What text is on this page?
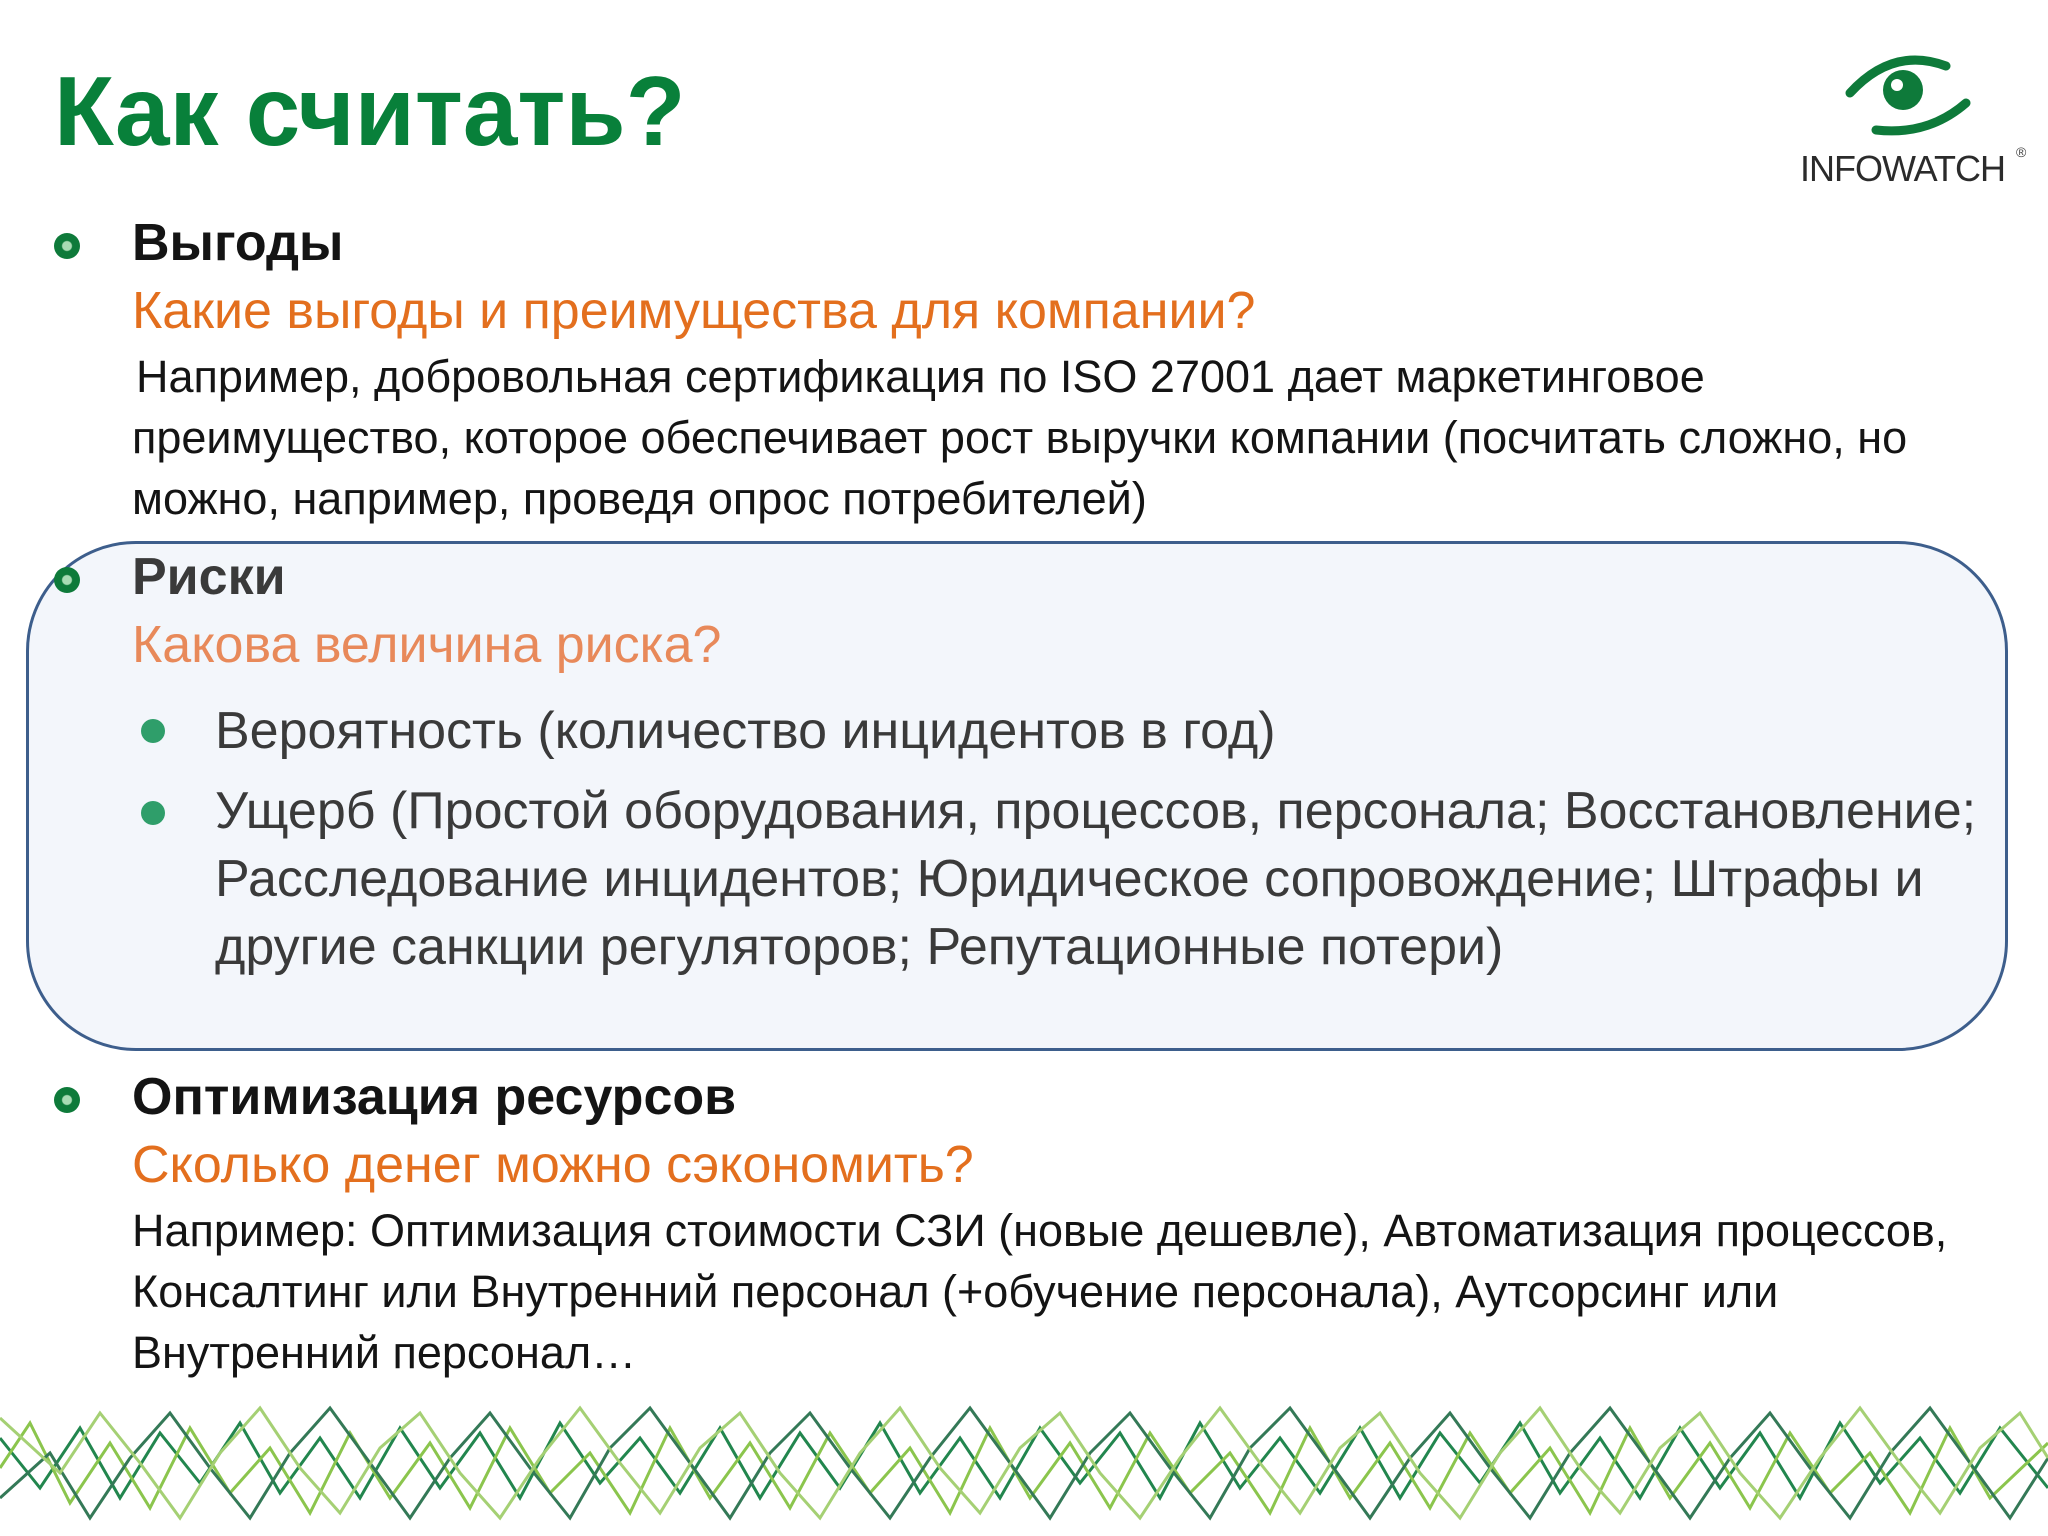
Как считать?
INFOWATCH ®
Выгоды

Какие выгоды и преимущества для компании?

Например, добровольная сертификация по ISO 27001 дает маркетинговое преимущество, которое обеспечивает рост выручки компании (посчитать сложно, но можно, например, проведя опрос потребителей)

Риски

Какова величина риска?

Вероятность (количество инцидентов в год)

Ущерб (Простой оборудования, процессов, персонала; Восстановление; Расследование инцидентов; Юридическое сопровождение; Штрафы и другие санкции регуляторов; Репутационные потери)

Оптимизация ресурсов

Сколько денег можно сэкономить?

Например: Оптимизация стоимости СЗИ (новые дешевле), Автоматизация процессов, Консалтинг или Внутренний персонал (+обучение персонала), Аутсорсинг или Внутренний персонал…
